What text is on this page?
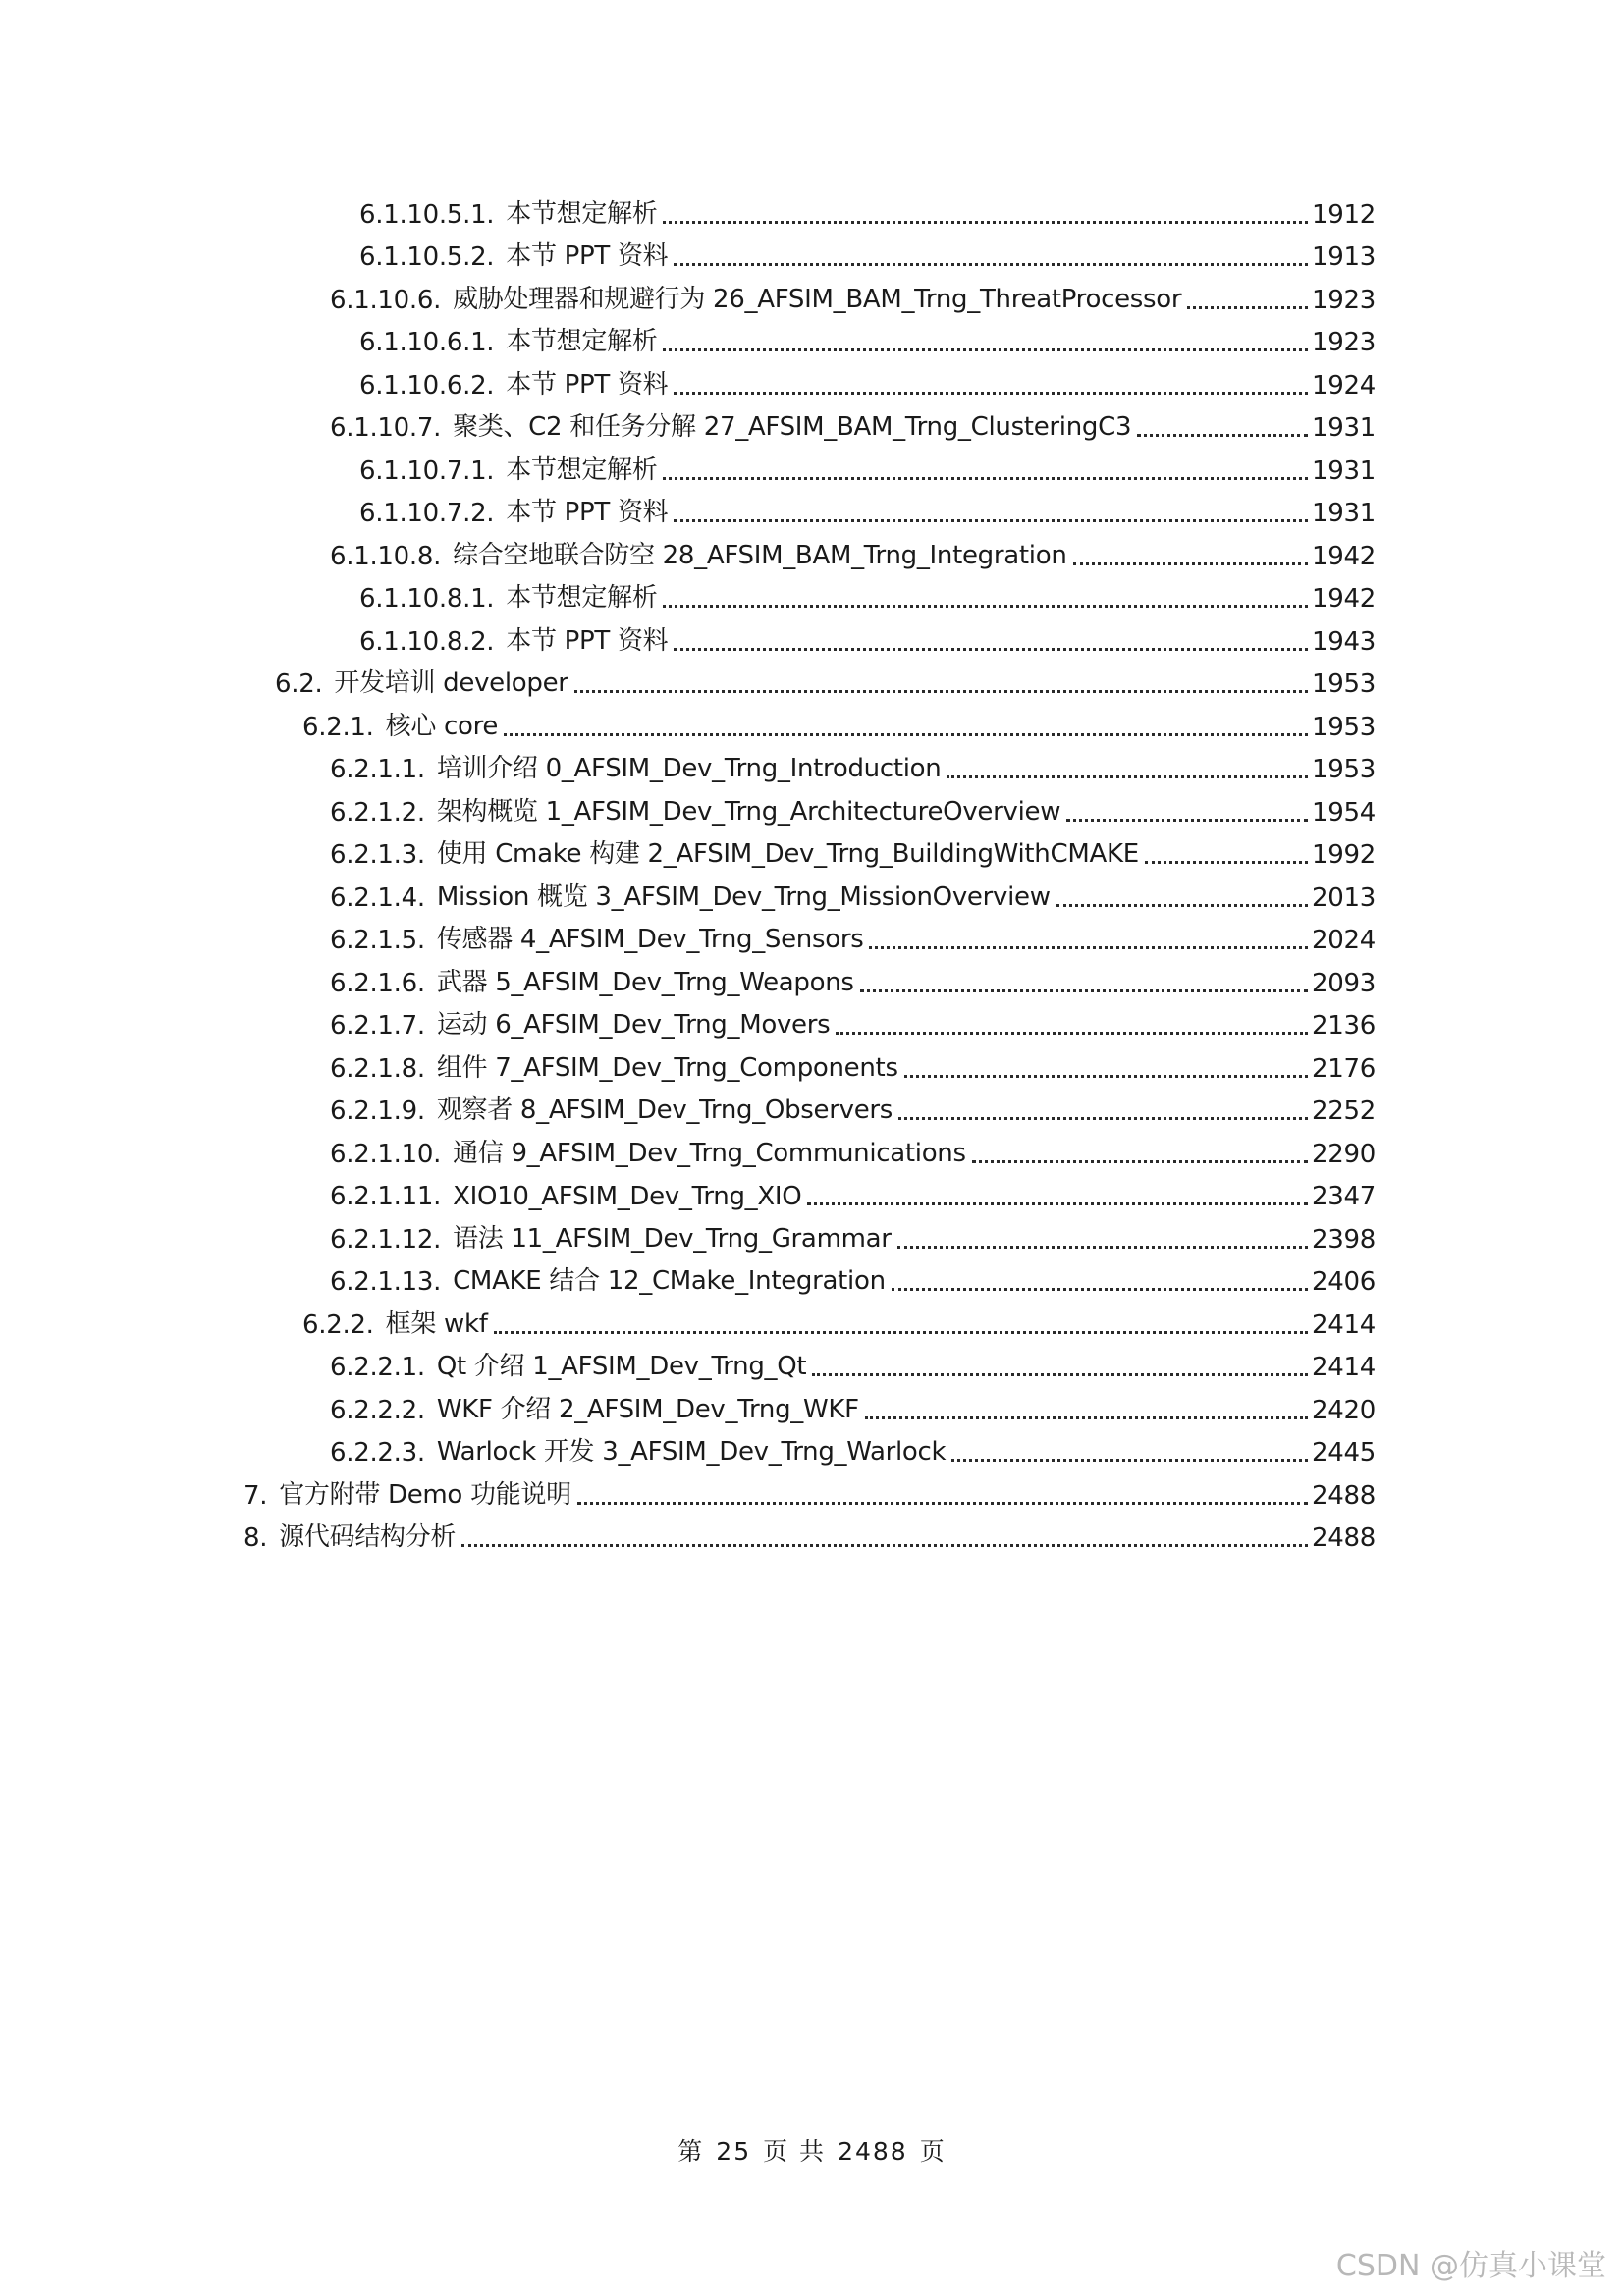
6.1.10.5.1. 本节想定解析	1912
6.1.10.5.2. 本节 PPT 资料	1913
6.1.10.6. 威胁处理器和规避行为 26_AFSIM_BAM_Trng_ThreatProcessor	1923
6.1.10.6.1. 本节想定解析	1923
6.1.10.6.2. 本节 PPT 资料	1924
6.1.10.7. 聚类、C2 和任务分解 27_AFSIM_BAM_Trng_ClusteringC3	1931
6.1.10.7.1. 本节想定解析	1931
6.1.10.7.2. 本节 PPT 资料	1931
6.1.10.8. 综合空地联合防空 28_AFSIM_BAM_Trng_Integration	1942
6.1.10.8.1. 本节想定解析	1942
6.1.10.8.2. 本节 PPT 资料	1943
6.2. 开发培训 developer	1953
6.2.1. 核心 core	1953
6.2.1.1. 培训介绍 0_AFSIM_Dev_Trng_Introduction	1953
6.2.1.2. 架构概览 1_AFSIM_Dev_Trng_ArchitectureOverview	1954
6.2.1.3. 使用 Cmake 构建 2_AFSIM_Dev_Trng_BuildingWithCMAKE	1992
6.2.1.4. Mission 概览 3_AFSIM_Dev_Trng_MissionOverview	2013
6.2.1.5. 传感器 4_AFSIM_Dev_Trng_Sensors	2024
6.2.1.6. 武器 5_AFSIM_Dev_Trng_Weapons	2093
6.2.1.7. 运动 6_AFSIM_Dev_Trng_Movers	2136
6.2.1.8. 组件 7_AFSIM_Dev_Trng_Components	2176
6.2.1.9. 观察者 8_AFSIM_Dev_Trng_Observers	2252
6.2.1.10. 通信 9_AFSIM_Dev_Trng_Communications	2290
6.2.1.11. XIO10_AFSIM_Dev_Trng_XIO	2347
6.2.1.12. 语法 11_AFSIM_Dev_Trng_Grammar	2398
6.2.1.13. CMAKE 结合 12_CMake_Integration	2406
6.2.2. 框架 wkf	2414
6.2.2.1. Qt 介绍 1_AFSIM_Dev_Trng_Qt	2414
6.2.2.2. WKF 介绍 2_AFSIM_Dev_Trng_WKF	2420
6.2.2.3. Warlock 开发 3_AFSIM_Dev_Trng_Warlock	2445
7. 官方附带 Demo 功能说明	2488
8. 源代码结构分析	2488
第 25 页 共 2488 页
CSDN @仿真小课堂
